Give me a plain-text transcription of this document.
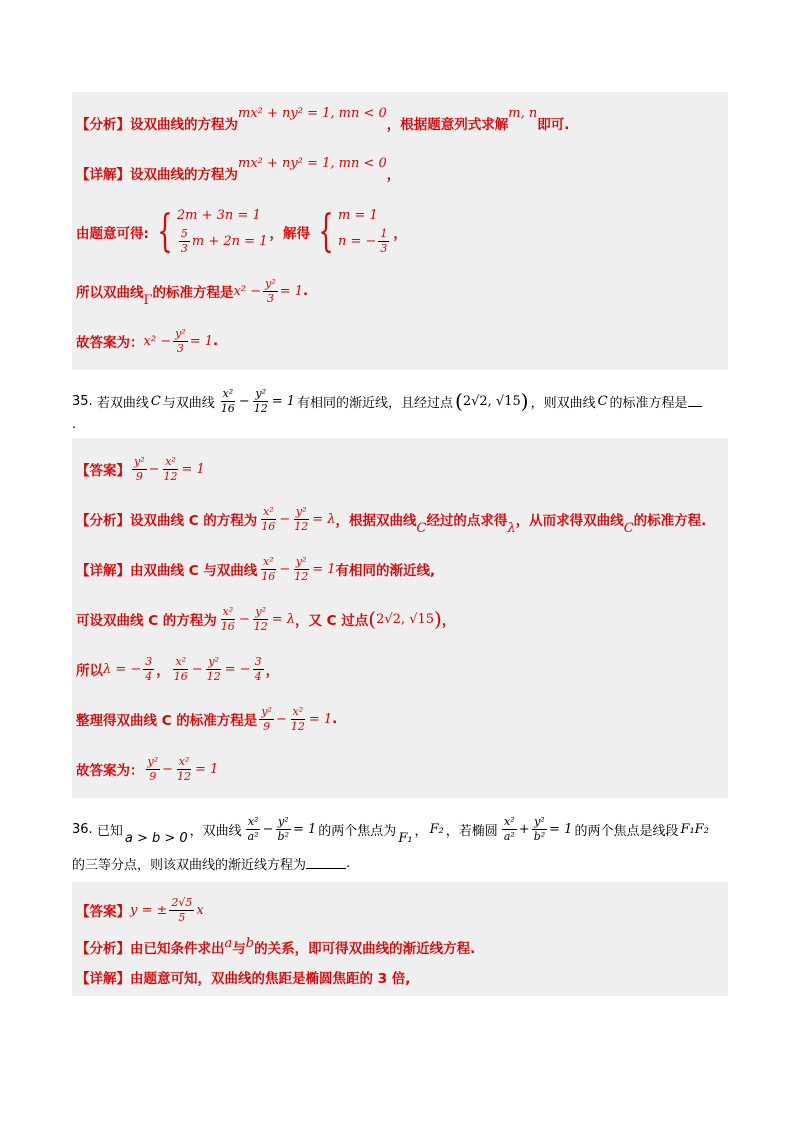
【分析】 设双曲线的方程为
mx² + ny² = 1, mn < 0
，根据题意列式求解
m, n
即可.
【详解】 设双曲线的方程为
mx² + ny² = 1, mn < 0
，
由题意可得: { 2m + 3n = 1
$\frac{5}{3}$ m + 2n = 1 ，解得 { m = 1
n = − $\frac{1}{3}$ ，
所以双曲线 Γ 的标准方程是 x²
− $\frac{\text{y²}}{3} = 1$ .
故答案为： x²
− $\frac{\text{y²}}{3} = 1$ .
35.
若双曲线 C 与双曲线 $\frac{\text{x²}}{16} - \frac{\text{y²}}{12} = 1$ 有相同的渐近线，且经过点 ( 2√2, √15 ) ，则双曲线 C 的标准方程是
.
【答案】 $\frac{\text{y²}}{9} - \frac{\text{x²}}{12} = 1$
【分析】 设双曲线 C 的方程为 $\frac{\text{x²}}{16} - \frac{\text{y²}}{12} = \lambda$ ，根据双曲线 C 经过的点求得 λ ，从而求得双曲线 C 的标准方程.
【详解】 由双曲线 C 与双曲线 $\frac{\text{x²}}{16} - \frac{\text{y²}}{12} = 1$ 有相同的渐近线,
可设双曲线 C 的方程为 $\frac{\text{x²}}{16} - \frac{\text{y²}}{12} = \lambda$ ，又 C 过点 ( 2√2, √15 ) ，
所以 λ = − $\frac{3}{4}$ ， $\frac{\text{x²}}{16} - \frac{\text{y²}}{12}$ = − $\frac{3}{4}$ ，
整理得双曲线 C 的标准方程是 $\frac{\text{y²}}{9} - \frac{\text{x²}}{12} = 1$ .
故答案为： $\frac{\text{y²}}{9} - \frac{\text{x²}}{12} = 1$
36.
已知 a > b > 0 ，双曲线 $\frac{\text{x²}}{\text{a²}} - \frac{\text{y²}}{\text{b²}} = 1$ 的两个焦点为 F₁ ， F₂ ，若椭圆 $\frac{\text{x²}}{\text{a²}} + \frac{\text{y²}}{\text{b²}} = 1$ 的两个焦点是线段 F₁F₂
的三等分点，则该双曲线的渐近线方程为	.
【答案】 y = ± $\frac{2√5}{5}$ x
【分析】 由已知条件求出 a 与 b 的关系，即可得双曲线的渐近线方程.
【详解】 由题意可知，双曲线的焦距是椭圆焦距的 3 倍,
